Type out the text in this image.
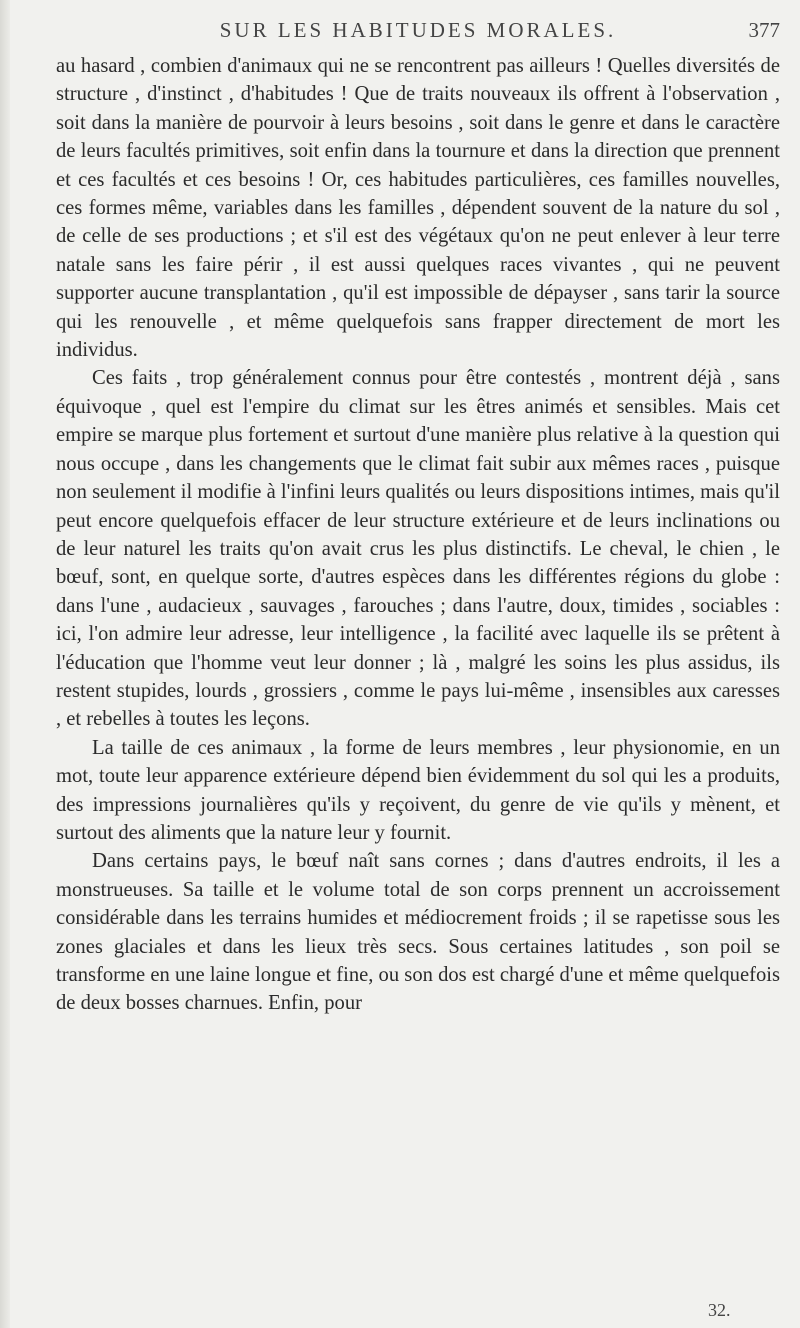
SUR LES HABITUDES MORALES.	377

au hasard , combien d'animaux qui ne se rencontrent pas ailleurs ! Quelles diversités de structure , d'instinct , d'habitudes ! Que de traits nouveaux ils offrent à l'observation , soit dans la manière de pourvoir à leurs besoins , soit dans le genre et dans le caractère de leurs facultés primitives, soit enfin dans la tournure et dans la direction que prennent et ces facultés et ces besoins ! Or, ces habitudes particulières, ces familles nouvelles, ces formes même, variables dans les familles , dépendent souvent de la nature du sol , de celle de ses productions ; et s'il est des végétaux qu'on ne peut enlever à leur terre natale sans les faire périr , il est aussi quelques races vivantes , qui ne peuvent supporter aucune transplantation , qu'il est impossible de dépayser , sans tarir la source qui les renouvelle , et même quelquefois sans frapper directement de mort les individus.

Ces faits , trop généralement connus pour être contestés , montrent déjà , sans équivoque , quel est l'empire du climat sur les êtres animés et sensibles. Mais cet empire se marque plus fortement et surtout d'une manière plus relative à la question qui nous occupe , dans les changements que le climat fait subir aux mêmes races , puisque non seulement il modifie à l'infini leurs qualités ou leurs dispositions intimes, mais qu'il peut encore quelquefois effacer de leur structure extérieure et de leurs inclinations ou de leur naturel les traits qu'on avait crus les plus distinctifs. Le cheval, le chien , le bœuf, sont, en quelque sorte, d'autres espèces dans les différentes régions du globe : dans l'une , audacieux , sauvages , farouches ; dans l'autre, doux, timides , sociables : ici, l'on admire leur adresse, leur intelligence , la facilité avec laquelle ils se prêtent à l'éducation que l'homme veut leur donner ; là , malgré les soins les plus assidus, ils restent stupides, lourds , grossiers , comme le pays lui-même , insensibles aux caresses , et rebelles à toutes les leçons.

La taille de ces animaux , la forme de leurs membres , leur physionomie, en un mot, toute leur apparence extérieure dépend bien évidemment du sol qui les a produits, des impressions journalières qu'ils y reçoivent, du genre de vie qu'ils y mènent, et surtout des aliments que la nature leur y fournit.

Dans certains pays, le bœuf naît sans cornes ; dans d'autres endroits, il les a monstrueuses. Sa taille et le volume total de son corps prennent un accroissement considérable dans les terrains humides et médiocrement froids ; il se rapetisse sous les zones glaciales et dans les lieux très secs. Sous certaines latitudes , son poil se transforme en une laine longue et fine, ou son dos est chargé d'une et même quelquefois de deux bosses charnues. Enfin, pour

32.
